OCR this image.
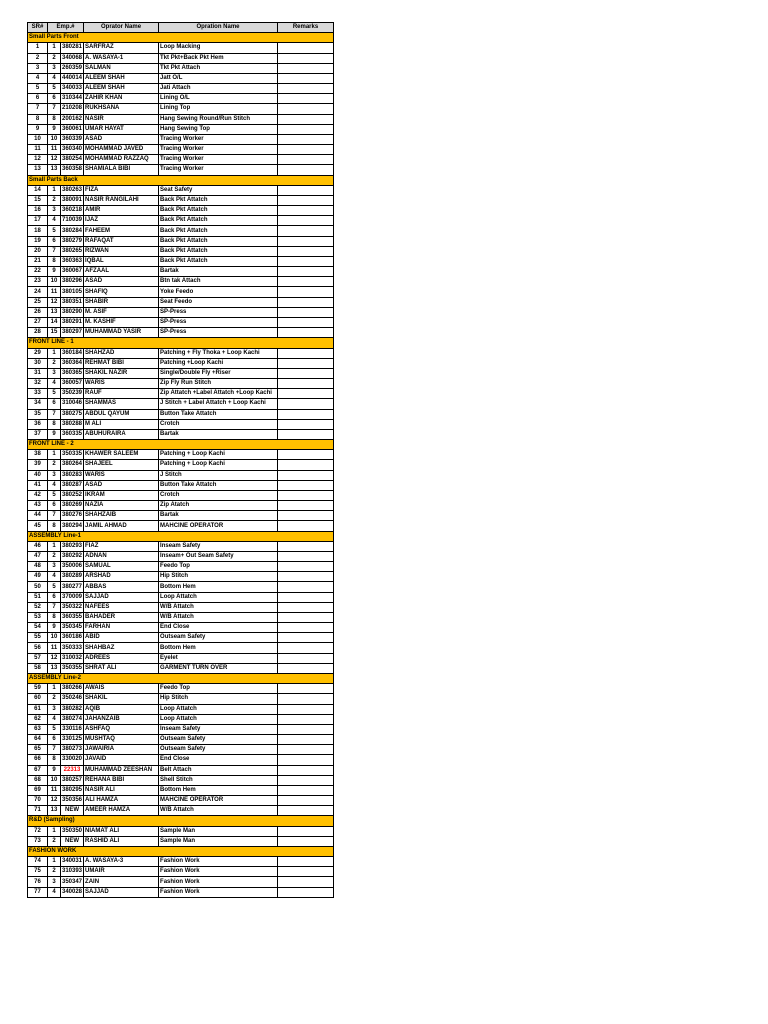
SR#	Emp.#		Oprator Name	Opration Name	Remarks
Small Parts Front					
1	1	380281	SARFRAZ	Loop Macking	
2	2	340068	A. WASAYA-1	Tkt Pkt+Back Pkt Hem	
3	3	260359	SALMAN	Tkt Pkt Attach	
4	4	440014	ALEEM SHAH	Jatt O/L	
5	5	340033	ALEEM SHAH	Jati Attach	
6	6	310344	ZAHIR KHAN	Lining O/L	
7	7	210208	RUKHSANA	Lining Top	
8	8	200162	NASIR	Hang Sewing Round/Run Stitch	
9	9	360061	UMAR HAYAT	Hang Sewing Top	
10	10	360339	ASAD	Tracing Worker	
11	11	360340	MOHAMMAD JAVED	Tracing Worker	
12	12	380254	MOHAMMAD RAZZAQ	Tracing Worker	
13	13	360358	SHAMIALA BIBI	Tracing Worker	
Small Parts Back					
14	1	380263	FIZA	Seat Safety	
15	2	380091	NASIR RANGILAHI	Back Pkt Attatch	
16	3	360218	AMIR	Back Pkt Attatch	
17	4	710039	IJAZ	Back Pkt Attatch	
18	5	380284	FAHEEM	Back Pkt Attatch	
19	6	380279	RAFAQAT	Back Pkt Attatch	
20	7	380265	RIZWAN	Back Pkt Attatch	
21	8	360363	IQBAL	Back Pkt Attatch	
22	9	360067	AFZAAL	Bartak	
23	10	380296	ASAD	Btn tak Attach	
24	11	380105	SHAFIQ	Yoke Feedo	
25	12	380351	SHABIR	Seat Feedo	
26	13	380290	M. ASIF	SP-Press	
27	14	380291	M. KASHIF	SP-Press	
28	15	380297	MUHAMMAD YASIR	SP-Press	
FRONT LINE - 1					
29	1	360184	SHAHZAD	Patching + Fly Thoka + Loop Kachi	
30	2	360364	REHMAT BIBI	Patching +Loop Kachi	
31	3	360365	SHAKIL NAZIR	Single/Double Fly +Riser	
32	4	360057	WARIS	Zip Fly Run Stitch	
33	5	350239	RAUF	Zip Attatch +Label Attatch +Loop Kachi	
34	6	310046	SHAMMAS	J Stitch + Label Attatch + Loop Kachi	
35	7	380275	ABDUL QAYUM	Button Take Attatch	
36	8	380288	M ALI	Crotch	
37	9	360335	ABUHURAIRA	Bartak	
FRONT LINE - 2					
38	1	350335	KHAWER SALEEM	Patching + Loop Kachi	
39	2	380264	SHAJEEL	Patching + Loop Kachi	
40	3	380283	WARIS	J Stitch	
41	4	380287	ASAD	Button Take Attatch	
42	5	380252	IKRAM	Crotch	
43	6	380269	NAZIA	Zip Atatch	
44	7	380276	SHAHZAIB	Bartak	
45	8	380294	JAMIL AHMAD	MAHCINE OPERATOR	
ASSEMBLY Line-1					
46	1	380293	FIAZ	Inseam Safety	
47	2	380292	ADNAN	Inseam+ Out Seam Safety	
48	3	350006	SAMUAL	Feedo Top	
49	4	380289	ARSHAD	Hip Stitch	
50	5	380277	ABBAS	Bottom Hem	
51	6	370009	SAJJAD	Loop Attatch	
52	7	350322	NAFEES	W/B Attatch	
53	8	360355	BAHADER	W/B Attatch	
54	9	350345	FARHAN	End Close	
55	10	360186	ABID	Outseam Safety	
56	11	350333	SHAHBAZ	Bottom Hem	
57	12	310032	ADREES	Eyelet	
58	13	350355	SHRAT ALI	GARMENT TURN OVER	
ASSEMBLY Line-2					
59	1	380266	AWAIS	Feedo Top	
60	2	350246	SHAKIL	Hip Stitch	
61	3	380282	AQIB	Loop Attatch	
62	4	380274	JAHANZAIB	Loop Attatch	
63	5	330116	ASHFAQ	Inseam Safety	
64	6	330125	MUSHTAQ	Outseam Safety	
65	7	380273	JAWAIRIA	Outseam Safety	
66	8	330020	JAVAID	End Close	
67	9	22313	MUHAMMAD ZEESHAN	Belt Attach	
68	10	380257	REHANA BIBI	Shell Stitch	
69	11	380295	NASIR ALI	Bottom Hem	
70	12	350356	ALI HAMZA	MAHCINE OPERATOR	
71	13	NEW	AMEER HAMZA	W/B Attatch	
R&D (Sampling)					
72	1	350350	NIAMAT ALI	Sample Man	
73	2	NEW	RASHID ALI	Sample Man	
FASHION WORK					
74	1	340031	A. WASAYA-3	Fashion Work	
75	2	310393	UMAIR	Fashion Work	
76	3	350347	ZAIN	Fashion Work	
77	4	340028	SAJJAD	Fashion Work	
